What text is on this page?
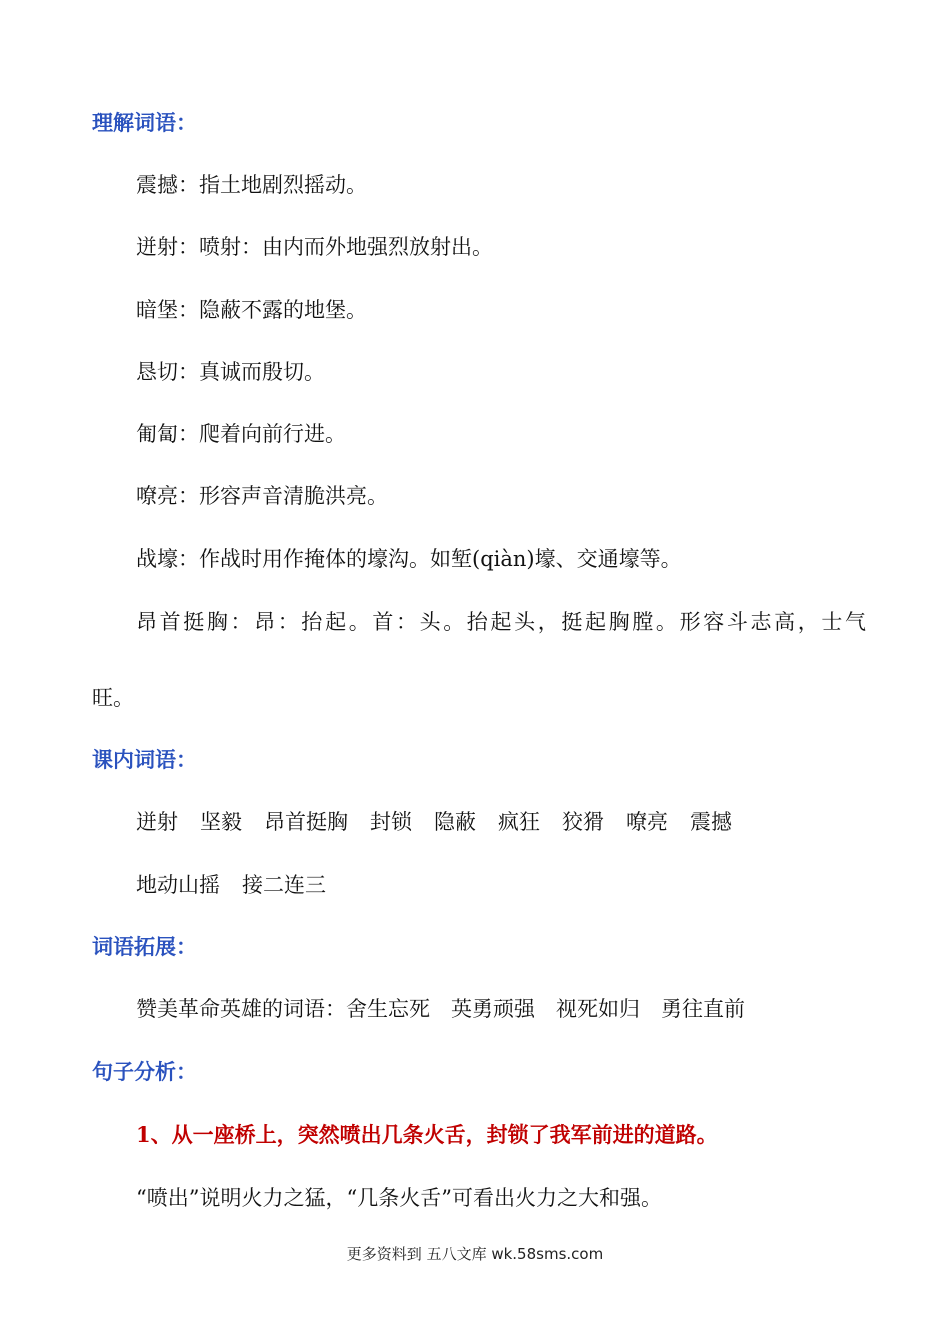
理解词语：
震撼：指土地剧烈摇动。
迸射：喷射：由内而外地强烈放射出。
暗堡：隐蔽不露的地堡。
恳切：真诚而殷切。
匍匐：爬着向前行进。
嘹亮：形容声音清脆洪亮。
战壕：作战时用作掩体的壕沟。如堑(qiàn)壕、交通壕等。
昂首挺胸：昂：抬起。首：头。抬起头，挺起胸膛。形容斗志高，士气
旺。
课内词语：
迸射 坚毅 昂首挺胸 封锁 隐蔽 疯狂 狡猾 嘹亮 震撼
地动山摇 接二连三
词语拓展：
赞美革命英雄的词语：舍生忘死　英勇顽强　视死如归　勇往直前
句子分析：
1、从一座桥上，突然喷出几条火舌，封锁了我军前进的道路。
“喷出”说明火力之猛，“几条火舌”可看出火力之大和强。
更多资料到 五八文库 wk.58sms.com
